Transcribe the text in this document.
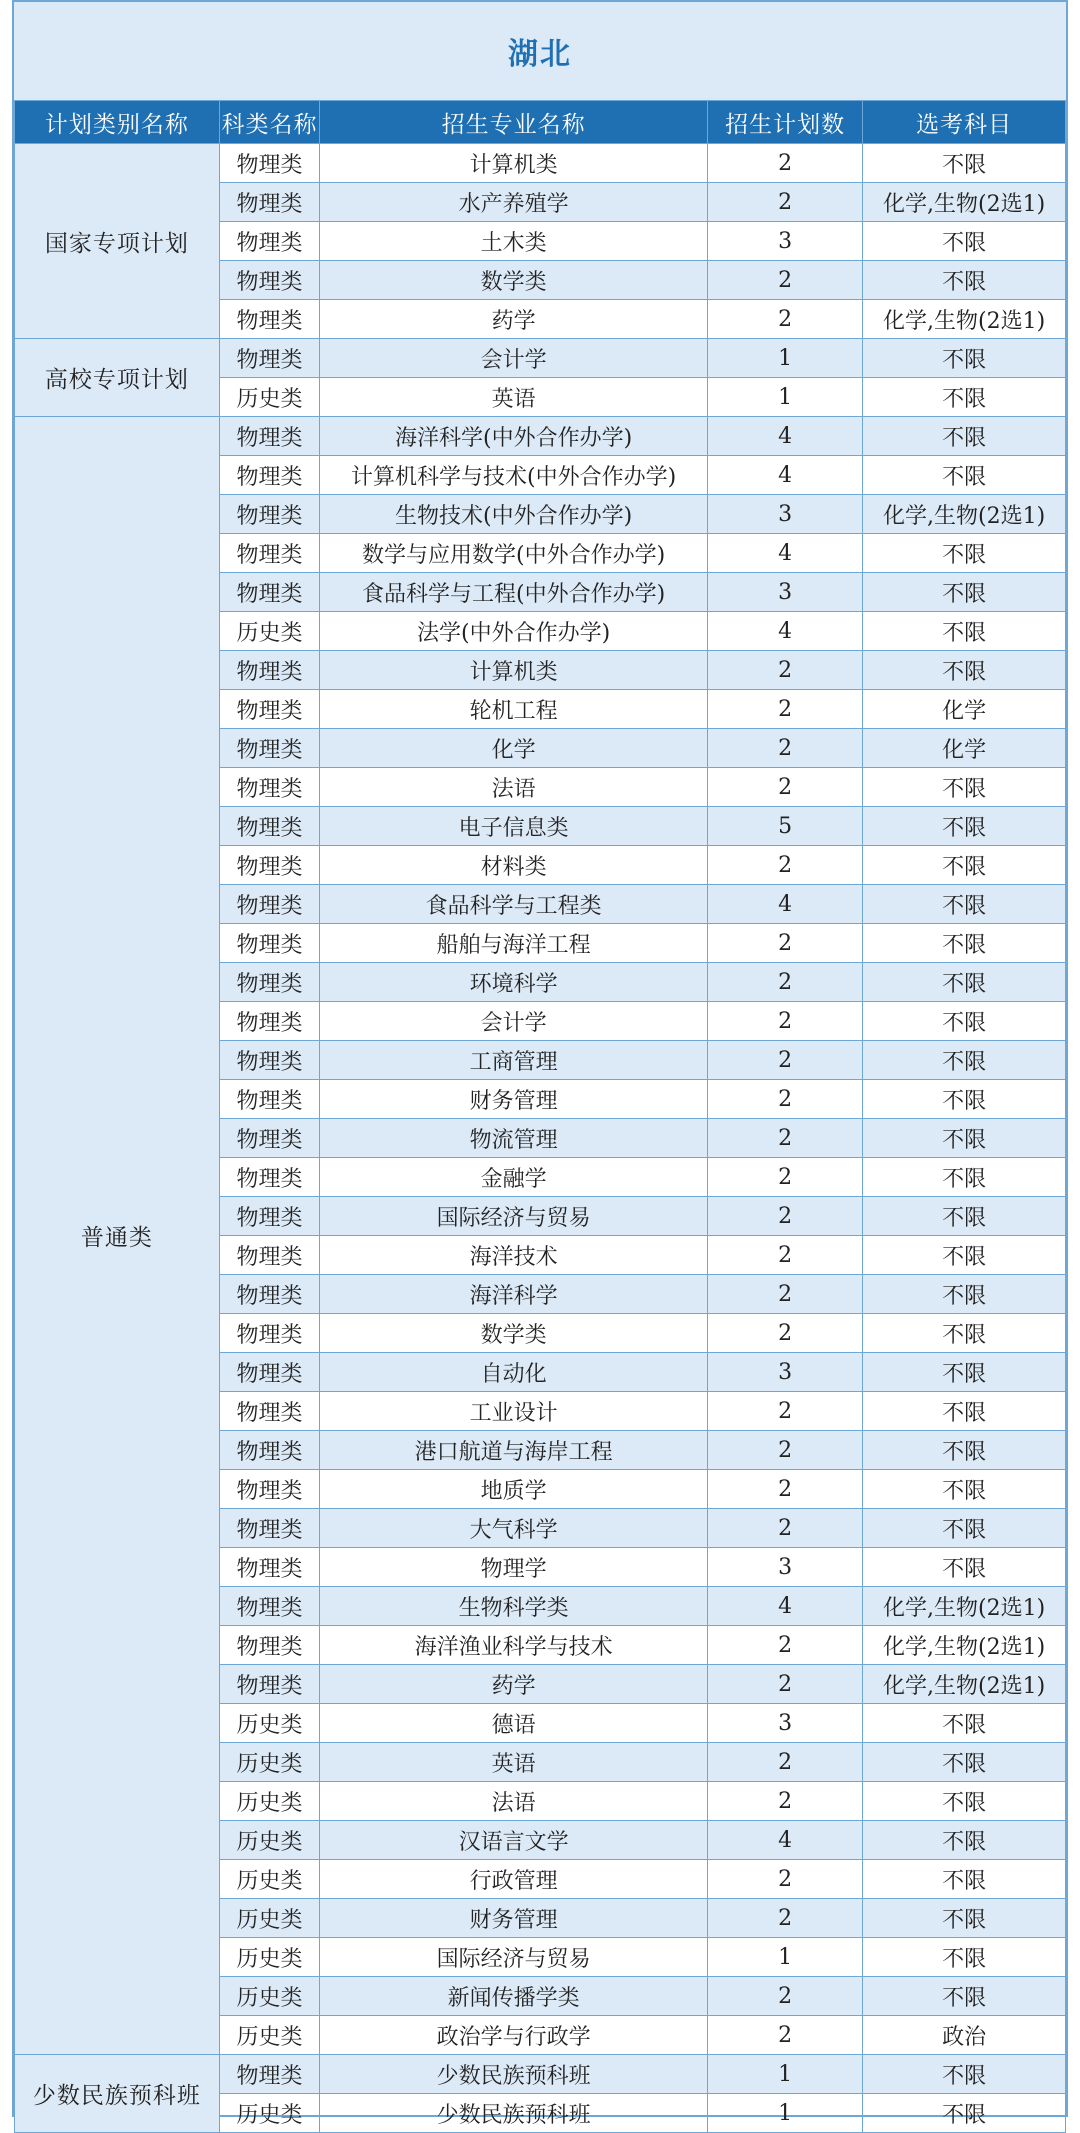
湖北
计划类别名称	科类名称	招生专业名称	招生计划数	选考科目
国家专项计划	物理类	计算机类	2	不限
	物理类	水产养殖学	2	化学,生物(2选1)
	物理类	土木类	3	不限
	物理类	数学类	2	不限
	物理类	药学	2	化学,生物(2选1)
高校专项计划	物理类	会计学	1	不限
	历史类	英语	1	不限
普通类	物理类	海洋科学(中外合作办学)	4	不限
	物理类	计算机科学与技术(中外合作办学)	4	不限
	物理类	生物技术(中外合作办学)	3	化学,生物(2选1)
	物理类	数学与应用数学(中外合作办学)	4	不限
	物理类	食品科学与工程(中外合作办学)	3	不限
	历史类	法学(中外合作办学)	4	不限
	物理类	计算机类	2	不限
	物理类	轮机工程	2	化学
	物理类	化学	2	化学
	物理类	法语	2	不限
	物理类	电子信息类	5	不限
	物理类	材料类	2	不限
	物理类	食品科学与工程类	4	不限
	物理类	船舶与海洋工程	2	不限
	物理类	环境科学	2	不限
	物理类	会计学	2	不限
	物理类	工商管理	2	不限
	物理类	财务管理	2	不限
	物理类	物流管理	2	不限
	物理类	金融学	2	不限
	物理类	国际经济与贸易	2	不限
	物理类	海洋技术	2	不限
	物理类	海洋科学	2	不限
	物理类	数学类	2	不限
	物理类	自动化	3	不限
	物理类	工业设计	2	不限
	物理类	港口航道与海岸工程	2	不限
	物理类	地质学	2	不限
	物理类	大气科学	2	不限
	物理类	物理学	3	不限
	物理类	生物科学类	4	化学,生物(2选1)
	物理类	海洋渔业科学与技术	2	化学,生物(2选1)
	物理类	药学	2	化学,生物(2选1)
	历史类	德语	3	不限
	历史类	英语	2	不限
	历史类	法语	2	不限
	历史类	汉语言文学	4	不限
	历史类	行政管理	2	不限
	历史类	财务管理	2	不限
	历史类	国际经济与贸易	1	不限
	历史类	新闻传播学类	2	不限
	历史类	政治学与行政学	2	政治
少数民族预科班	物理类	少数民族预科班	1	不限
	历史类	少数民族预科班	1	不限
